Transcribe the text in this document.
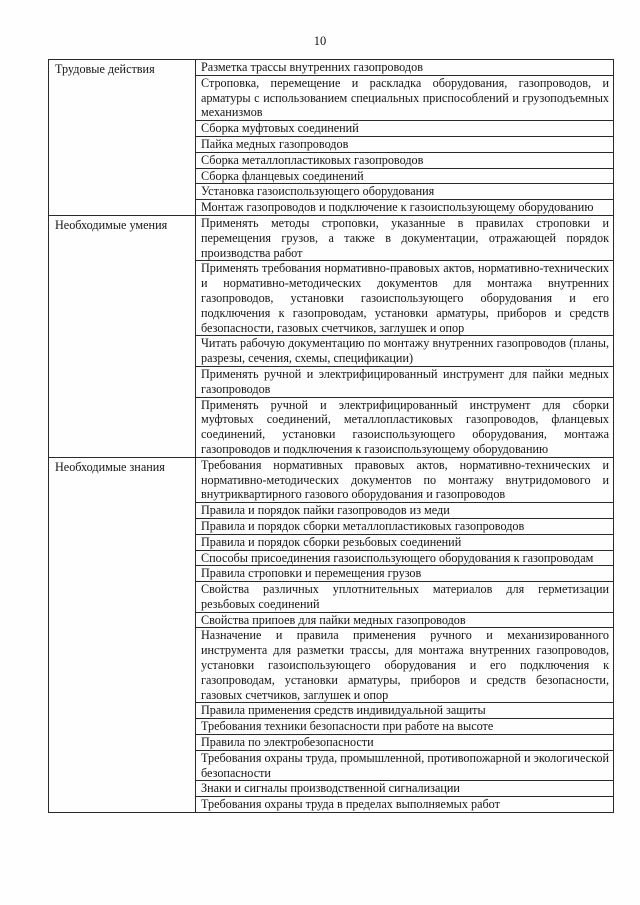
10
Трудовые действия	Разметка трассы внутренних газопроводов
	Строповка, перемещение и раскладка оборудования, газопроводов, и арматуры с использованием специальных приспособлений и грузоподъемных механизмов
	Сборка муфтовых соединений
	Пайка медных газопроводов
	Сборка металлопластиковых газопроводов
	Сборка фланцевых соединений
	Установка газоиспользующего оборудования
	Монтаж газопроводов и подключение к газоиспользующему оборудованию
Необходимые умения	Применять методы строповки, указанные в правилах строповки и перемещения грузов, а также в документации, отражающей порядок производства работ
	Применять требования нормативно-правовых актов, нормативно-технических и нормативно-методических документов для монтажа внутренних газопроводов, установки газоиспользующего оборудования и его подключения к газопроводам, установки арматуры, приборов и средств безопасности, газовых счетчиков, заглушек и опор
	Читать рабочую документацию по монтажу внутренних газопроводов (планы, разрезы, сечения, схемы, спецификации)
	Применять ручной и электрифицированный инструмент для пайки медных газопроводов
	Применять ручной и электрифицированный инструмент для сборки муфтовых соединений, металлопластиковых газопроводов, фланцевых соединений, установки газоиспользующего оборудования, монтажа газопроводов и подключения к газоиспользующему оборудованию
Необходимые знания	Требования нормативных правовых актов, нормативно-технических и нормативно-методических документов по монтажу внутридомового и внутриквартирного газового оборудования и газопроводов
	Правила и порядок пайки газопроводов из меди
	Правила и порядок сборки металлопластиковых газопроводов
	Правила и порядок сборки резьбовых соединений
	Способы присоединения газоиспользующего оборудования к газопроводам
	Правила строповки и перемещения грузов
	Свойства различных уплотнительных материалов для герметизации резьбовых соединений
	Свойства припоев для пайки медных газопроводов
	Назначение и правила применения ручного и механизированного инструмента для разметки трассы, для монтажа внутренних газопроводов, установки газоиспользующего оборудования и его подключения к газопроводам, установки арматуры, приборов и средств безопасности, газовых счетчиков, заглушек и опор
	Правила применения средств индивидуальной защиты
	Требования техники безопасности при работе на высоте
	Правила по электробезопасности
	Требования охраны труда, промышленной, противопожарной и экологической безопасности
	Знаки и сигналы производственной сигнализации
	Требования охраны труда в пределах выполняемых работ
